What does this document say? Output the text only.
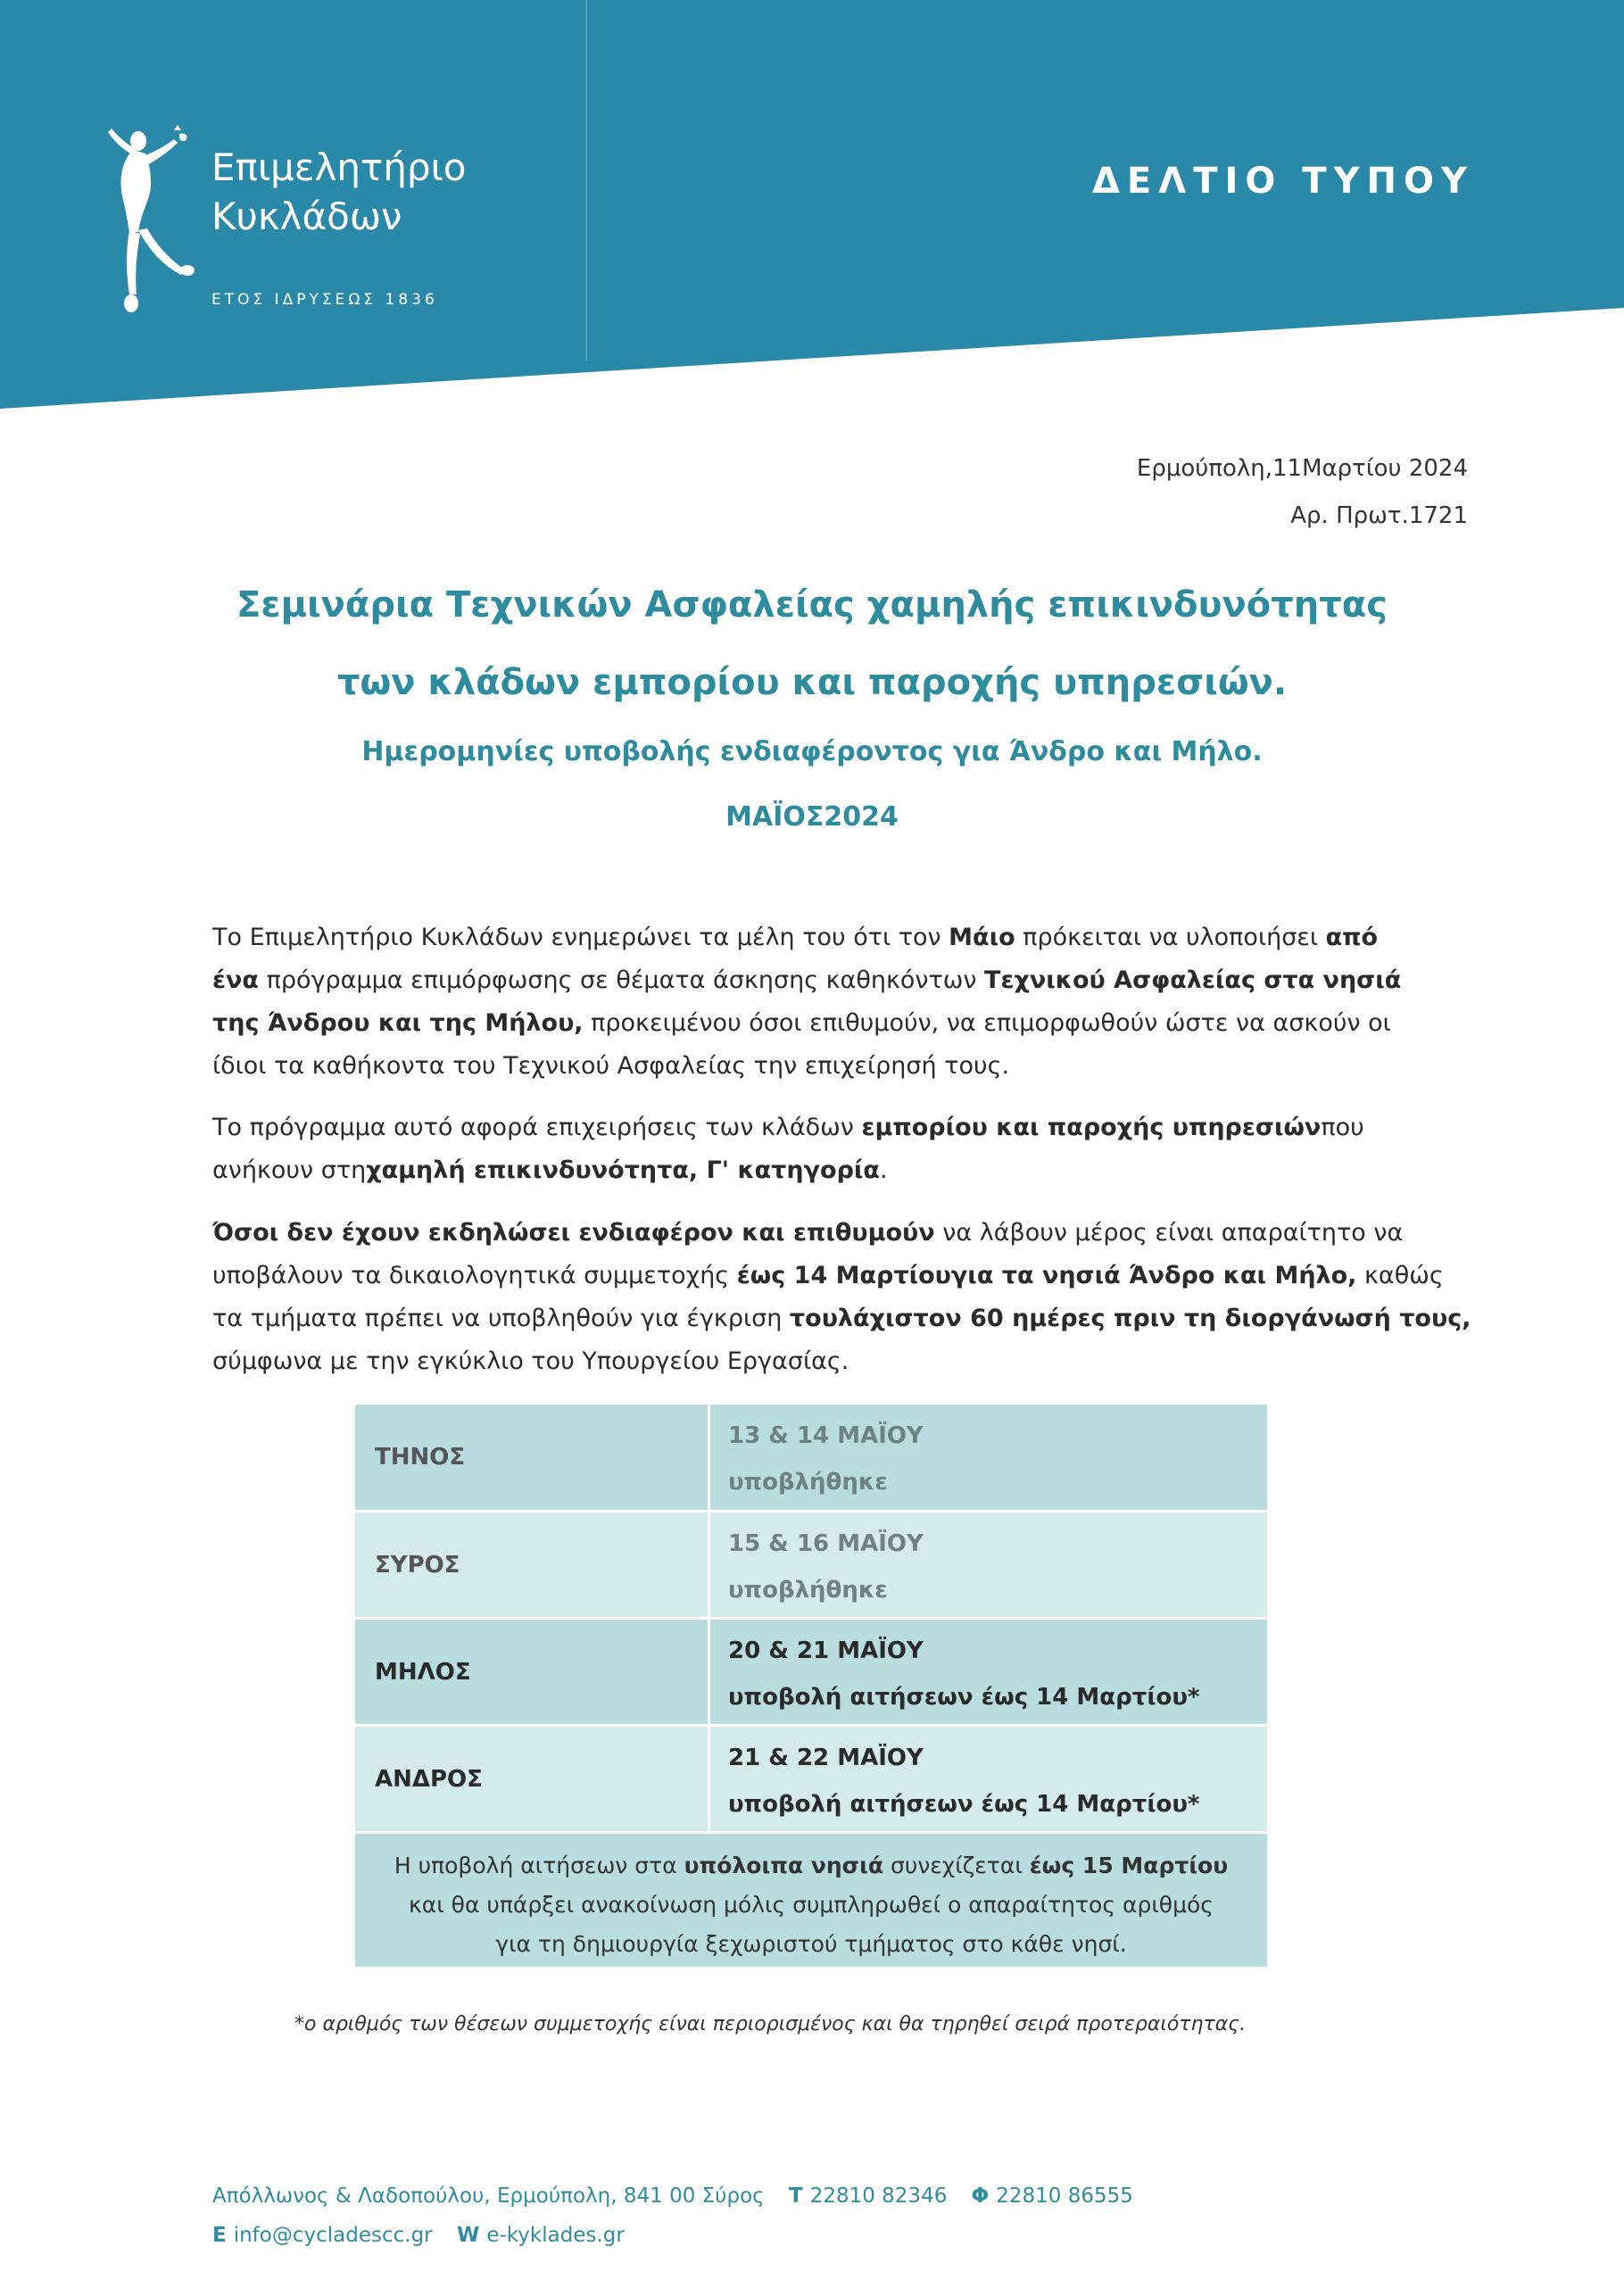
Επιμελητήριο
Κυκλάδων
ΕΤΟΣ ΙΔΡΥΣΕΩΣ 1836
ΔΕΛΤΙΟ ΤΥΠΟΥ
Ερμούπολη,11Μαρτίου 2024
Αρ. Πρωτ.1721
Σεμινάρια Τεχνικών Ασφαλείας χαμηλής επικινδυνότητας
των κλάδων εμπορίου και παροχής υπηρεσιών.
Ημερομηνίες υποβολής ενδιαφέροντος για Άνδρο και Μήλο.
ΜΑΪΟΣ2024
Το Επιμελητήριο Κυκλάδων ενημερώνει τα μέλη του ότι τον Μάιο πρόκειται να υλοποιήσει από
ένα πρόγραμμα επιμόρφωσης σε θέματα άσκησης καθηκόντων Τεχνικού Ασφαλείας στα νησιά
της Άνδρου και της Μήλου, προκειμένου όσοι επιθυμούν, να επιμορφωθούν ώστε να ασκούν οι
ίδιοι τα καθήκοντα του Τεχνικού Ασφαλείας την επιχείρησή τους.
Το πρόγραμμα αυτό αφορά επιχειρήσεις των κλάδων εμπορίου και παροχής υπηρεσιώνπου
ανήκουν στηχαμηλή επικινδυνότητα, Γ' κατηγορία.
Όσοι δεν έχουν εκδηλώσει ενδιαφέρον και επιθυμούν να λάβουν μέρος είναι απαραίτητο να
υποβάλουν τα δικαιολογητικά συμμετοχής έως 14 Μαρτίουγια τα νησιά Άνδρο και Μήλο, καθώς
τα τμήματα πρέπει να υποβληθούν για έγκριση τουλάχιστον 60 ημέρες πριν τη διοργάνωσή τους,
σύμφωνα με την εγκύκλιο του Υπουργείου Εργασίας.
ΤΗΝΟΣ
13 & 14 ΜΑΪΟΥ
υποβλήθηκε
ΣΥΡΟΣ
15 & 16 ΜΑΪΟΥ
υποβλήθηκε
ΜΗΛΟΣ
20 & 21 ΜΑΪΟΥ
υποβολή αιτήσεων έως 14 Μαρτίου*
ΑΝΔΡΟΣ
21 & 22 ΜΑΪΟΥ
υποβολή αιτήσεων έως 14 Μαρτίου*
Η υποβολή αιτήσεων στα υπόλοιπα νησιά συνεχίζεται έως 15 Μαρτίου
και θα υπάρξει ανακοίνωση μόλις συμπληρωθεί ο απαραίτητος αριθμός
για τη δημιουργία ξεχωριστού τμήματος στο κάθε νησί.
*ο αριθμός των θέσεων συμμετοχής είναι περιορισμένος και θα τηρηθεί σειρά προτεραιότητας.
Απόλλωνος & Λαδοπούλου, Ερμούπολη, 841 00 Σύρος Τ 22810 82346 Φ 22810 86555
E info@cycladescc.gr W e-kyklades.gr
